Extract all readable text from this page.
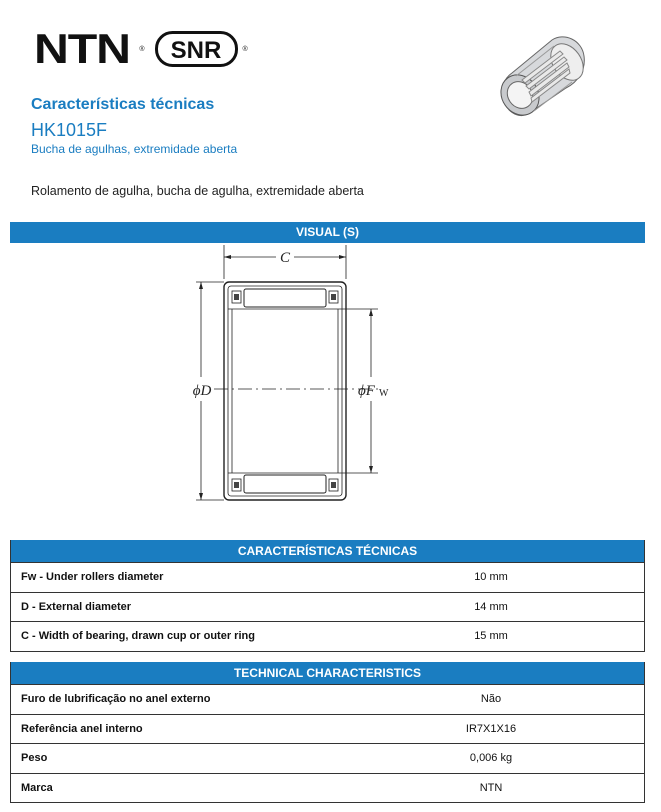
NTN ® SNR	®
Características técnicas
HK1015F
Bucha de agulhas, extremidade aberta
Rolamento de agulha, bucha de agulha, extremidade aberta
VISUAL (S)
C
ϕD	ϕF W
CARACTERÍSTICAS TÉCNICAS
Fw - Under rollers diameter	10 mm
D - External diameter	14 mm
C - Width of bearing, drawn cup or outer ring	15 mm
TECHNICAL CHARACTERISTICS
Furo de lubrificação no anel externo	Não
Referência anel interno	IR7X1X16
Peso	0,006 kg
Marca	NTN
